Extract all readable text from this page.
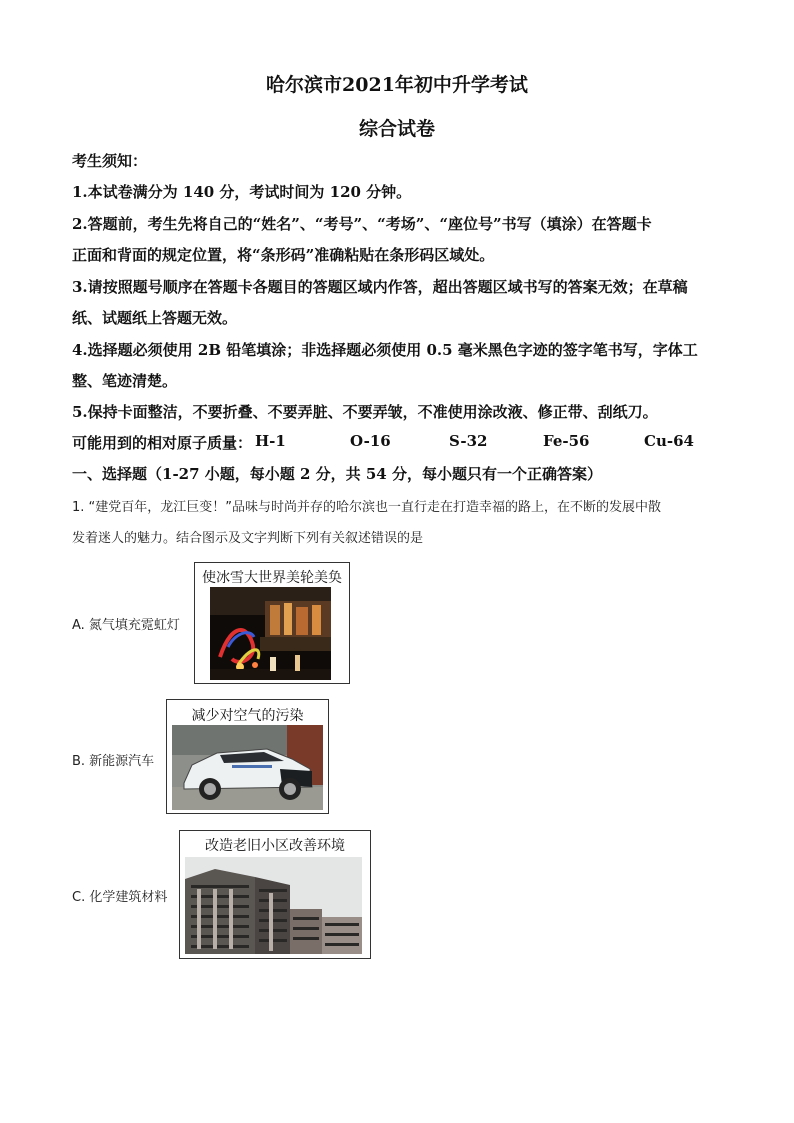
哈尔滨市2021年初中升学考试
综合试卷
考生须知：
1.本试卷满分为 140 分，考试时间为 120 分钟。
2.答题前，考生先将自己的“姓名”、“考号”、“考场”、“座位号”书写（填涂）在答题卡
正面和背面的规定位置，将“条形码”准确粘贴在条形码区域处。
3.请按照题号顺序在答题卡各题目的答题区域内作答，超出答题区域书写的答案无效；在草稿
纸、试题纸上答题无效。
4.选择题必须使用 2B 铅笔填涂；非选择题必须使用 0.5 毫米黑色字迹的签字笔书写，字体工
整、笔迹清楚。
5.保持卡面整洁，不要折叠、不要弄脏、不要弄皱，不准使用涂改液、修正带、刮纸刀。
可能用到的相对原子质量： H-1	O-16	S-32	Fe-56	Cu-64
一、选择题（1-27 小题，每小题 2 分，共 54 分，每小题只有一个正确答案）
1. “建党百年，龙江巨变！”品味与时尚并存的哈尔滨也一直行走在打造幸福的路上，在不断的发展中散
发着迷人的魅力。结合图示及文字判断下列有关叙述错误的是
A. 氮气填充霓虹灯
使冰雪大世界美轮美奂
B. 新能源汽车
减少对空气的污染
C. 化学建筑材料
改造老旧小区改善环境
